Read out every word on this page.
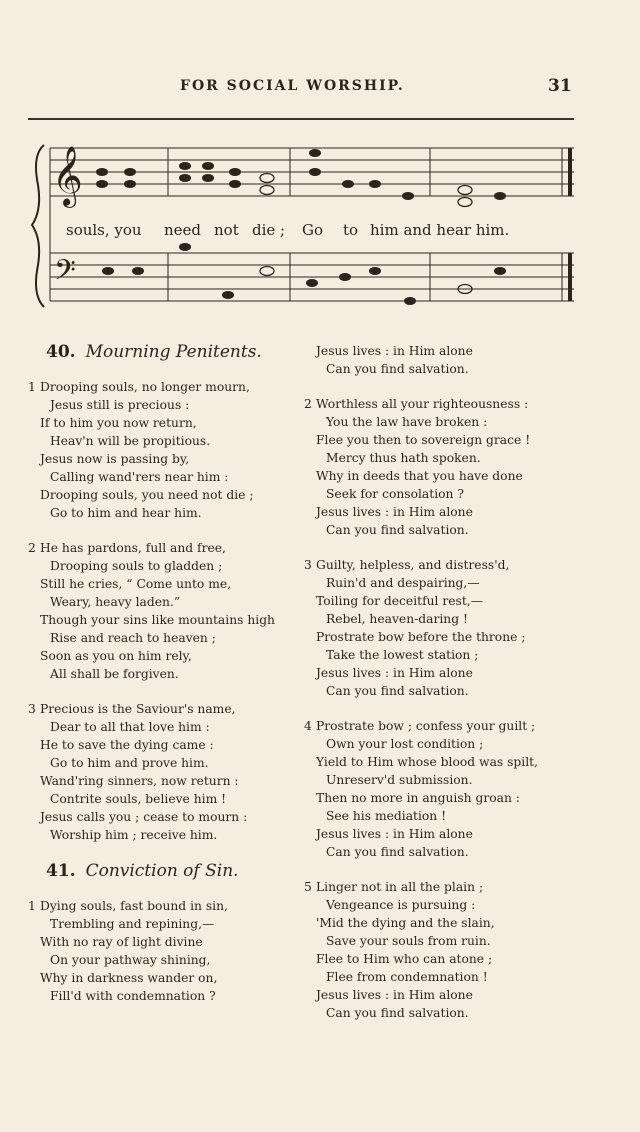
FOR SOCIAL WORSHIP.	31
𝄞
𝄢
souls, you need not die ; Go to him and hear him.
40. Mourning Penitents.
1 Drooping souls, no longer mourn,
Jesus still is precious :
If to him you now return,
Heav'n will be propitious.
Jesus now is passing by,
Calling wand'rers near him :
Drooping souls, you need not die ;
Go to him and hear him.
2 He has pardons, full and free,
Drooping souls to gladden ;
Still he cries, “ Come unto me,
Weary, heavy laden.”
Though your sins like mountains high
Rise and reach to heaven ;
Soon as you on him rely,
All shall be forgiven.
3 Precious is the Saviour's name,
Dear to all that love him :
He to save the dying came :
Go to him and prove him.
Wand'ring sinners, now return :
Contrite souls, believe him !
Jesus calls you ; cease to mourn :
Worship him ; receive him.
41. Conviction of Sin.
1 Dying souls, fast bound in sin,
Trembling and repining,—
With no ray of light divine
On your pathway shining,
Why in darkness wander on,
Fill'd with condemnation ?
Jesus lives : in Him alone
Can you find salvation.
2 Worthless all your righteousness :
You the law have broken :
Flee you then to sovereign grace !
Mercy thus hath spoken.
Why in deeds that you have done
Seek for consolation ?
Jesus lives : in Him alone
Can you find salvation.
3 Guilty, helpless, and distress'd,
Ruin'd and despairing,—
Toiling for deceitful rest,—
Rebel, heaven-daring !
Prostrate bow before the throne ;
Take the lowest station ;
Jesus lives : in Him alone
Can you find salvation.
4 Prostrate bow ; confess your guilt ;
Own your lost condition ;
Yield to Him whose blood was spilt,
Unreserv'd submission.
Then no more in anguish groan :
See his mediation !
Jesus lives : in Him alone
Can you find salvation.
5 Linger not in all the plain ;
Vengeance is pursuing :
'Mid the dying and the slain,
Save your souls from ruin.
Flee to Him who can atone ;
Flee from condemnation !
Jesus lives : in Him alone
Can you find salvation.
